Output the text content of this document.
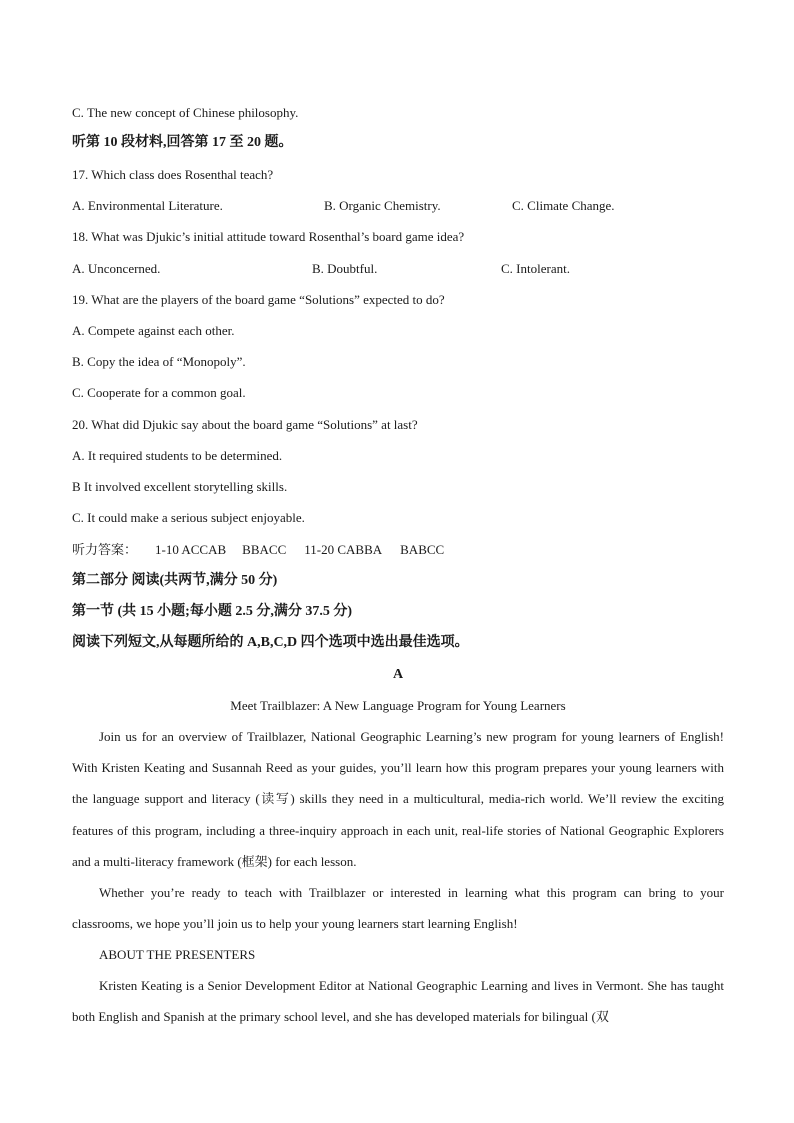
C. The new concept of Chinese philosophy.
听第 10 段材料,回答第 17 至 20 题。
17. Which class does Rosenthal teach?
A. Environmental Literature.	B. Organic Chemistry.	C. Climate Change.
18. What was Djukic’s initial attitude toward Rosenthal’s board game idea?
A. Unconcerned.	B. Doubtful.	C. Intolerant.
19. What are the players of the board game “Solutions” expected to do?
A. Compete against each other.
B. Copy the idea of “Monopoly”.
C. Cooperate for a common goal.
20. What did Djukic say about the board game “Solutions” at last?
A. It required students to be determined.
B It involved excellent storytelling skills.
C. It could make a serious subject enjoyable.
听力答案： 1-10 ACCAB BBACC 11-20 CABBA BABCC
第二部分 阅读(共两节,满分 50 分)
第一节 (共 15 小题;每小题 2.5 分,满分 37.5 分)
阅读下列短文,从每题所给的 A,B,C,D 四个选项中选出最佳选项。
A
Meet Trailblazer: A New Language Program for Young Learners
Join us for an overview of Trailblazer, National Geographic Learning’s new program for young learners of English! With Kristen Keating and Susannah Reed as your guides, you’ll learn how this program prepares your young learners with the language support and literacy (读写) skills they need in a multicultural, media-rich world. We’ll review the exciting features of this program, including a three-inquiry approach in each unit, real-life stories of National Geographic Explorers and a multi-literacy framework (框架) for each lesson.
Whether you’re ready to teach with Trailblazer or interested in learning what this program can bring to your classrooms, we hope you’ll join us to help your young learners start learning English!
ABOUT THE PRESENTERS
Kristen Keating is a Senior Development Editor at National Geographic Learning and lives in Vermont. She has taught both English and Spanish at the primary school level, and she has developed materials for bilingual (双
